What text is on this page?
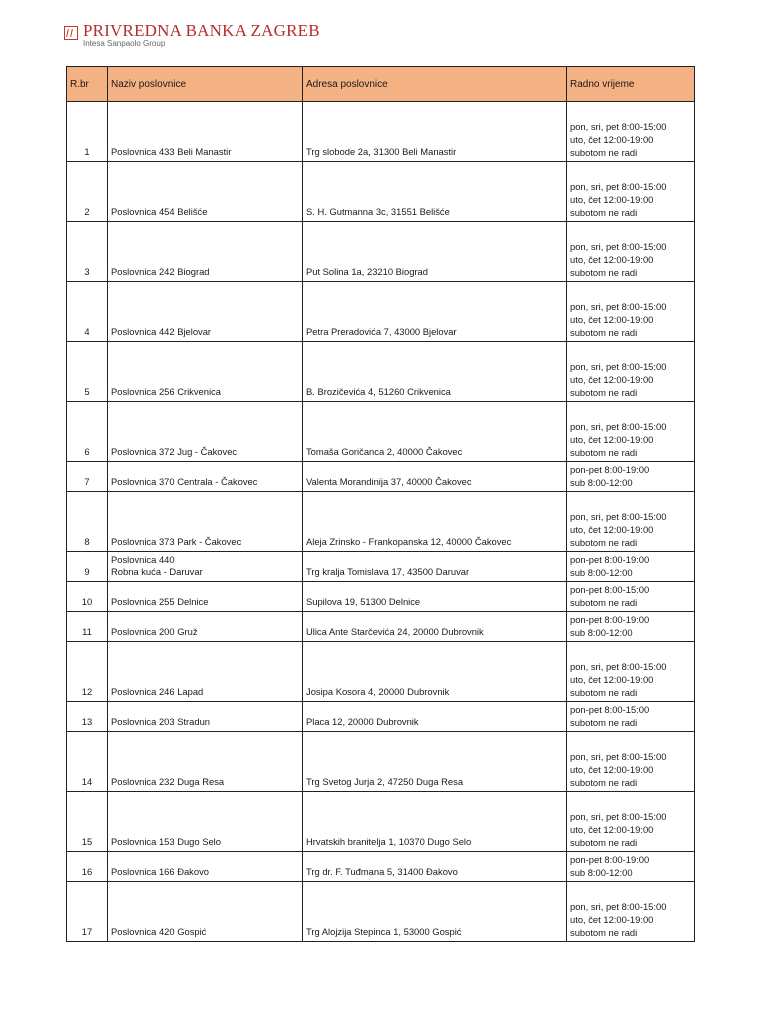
PRIVREDNA BANKA ZAGREB
Intesa Sanpaolo Group
R.br	Naziv poslovnice	Adresa poslovnice	Radno vrijeme
1	Poslovnica 433 Beli Manastir	Trg slobode 2a, 31300 Beli Manastir	pon, sri, pet 8:00-15:00
uto, čet 12:00-19:00
subotom ne radi

2	Poslovnica 454 Belišće	S. H. Gutmanna 3c, 31551 Belišće	pon, sri, pet 8:00-15:00
uto, čet 12:00-19:00
subotom ne radi

3	Poslovnica 242 Biograd	Put Solina 1a, 23210 Biograd	pon, sri, pet 8:00-15:00
uto, čet 12:00-19:00
subotom ne radi

4	Poslovnica 442 Bjelovar	Petra Preradovića 7, 43000 Bjelovar	pon, sri, pet 8:00-15:00
uto, čet 12:00-19:00
subotom ne radi

5	Poslovnica 256 Crikvenica	B. Brozičevića 4, 51260 Crikvenica	pon, sri, pet 8:00-15:00
uto, čet 12:00-19:00
subotom ne radi

6	Poslovnica 372 Jug - Čakovec	Tomaša Goričanca 2, 40000 Čakovec	pon, sri, pet 8:00-15:00
uto, čet 12:00-19:00
subotom ne radi

7	Poslovnica 370 Centrala - Čakovec	Valenta Morandinija 37, 40000 Čakovec	pon-pet 8:00-19:00
sub 8:00-12:00

8	Poslovnica 373 Park - Čakovec	Aleja Zrinsko - Frankopanska 12, 40000 Čakovec	pon, sri, pet 8:00-15:00
uto, čet 12:00-19:00
subotom ne radi

9	Poslovnica 440
Robna kuća - Daruvar	Trg kralja Tomislava 17, 43500 Daruvar	pon-pet 8:00-19:00
sub 8:00-12:00

10	Poslovnica 255 Delnice	Supilova 19, 51300 Delnice	pon-pet 8:00-15:00
subotom ne radi

11	Poslovnica 200 Gruž	Ulica Ante Starčevića 24, 20000 Dubrovnik	pon-pet 8:00-19:00
sub 8:00-12:00

12	Poslovnica 246 Lapad	Josipa Kosora 4, 20000 Dubrovnik	pon, sri, pet 8:00-15:00
uto, čet 12:00-19:00
subotom ne radi

13	Poslovnica 203 Stradun	Placa 12, 20000 Dubrovnik	pon-pet 8:00-15:00
subotom ne radi

14	Poslovnica 232 Duga Resa	Trg Svetog Jurja 2, 47250 Duga Resa	pon, sri, pet 8:00-15:00
uto, čet 12:00-19:00
subotom ne radi

15	Poslovnica 153 Dugo Selo	Hrvatskih branitelja 1, 10370 Dugo Selo	pon, sri, pet 8:00-15:00
uto, čet 12:00-19:00
subotom ne radi

16	Poslovnica 166 Đakovo	Trg dr. F. Tuđmana 5, 31400 Đakovo	pon-pet 8:00-19:00
sub 8:00-12:00

17	Poslovnica 420 Gospić	Trg Alojzija Stepinca 1, 53000 Gospić	pon, sri, pet 8:00-15:00
uto, čet 12:00-19:00
subotom ne radi
